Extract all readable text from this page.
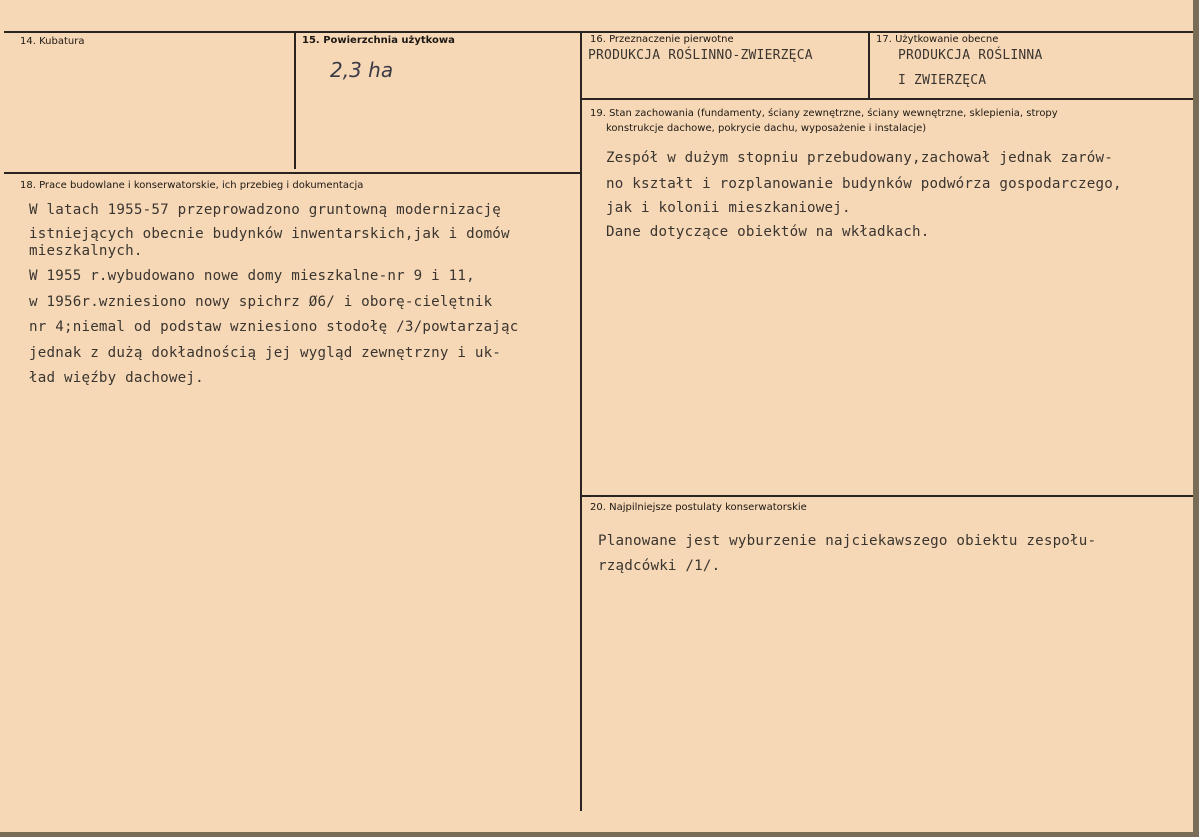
14. Kubatura	15. Powierzchnia użytkowa
2,3 ha
16. Przeznaczenie pierwotne
PRODUKCJA ROŚLINNO-ZWIERZĘCA
17. Użytkowanie obecne
PRODUKCJA ROŚLINNA
I ZWIERZĘCA
18. Prace budowlane i konserwatorskie, ich przebieg i dokumentacja
W latach 1955-57 przeprowadzono gruntowną modernizację
istniejących obecnie budynków inwentarskich,jak i domów
mieszkalnych.
W 1955 r.wybudowano nowe domy mieszkalne-nr 9 i 11,
w 1956r.wzniesiono nowy spichrz Ø6/ i oborę-cielętnik
nr 4;niemal od podstaw wzniesiono stodołę /3/powtarzając
jednak z dużą dokładnością jej wygląd zewnętrzny i uk-
ład więźby dachowej.
19. Stan zachowania (fundamenty, ściany zewnętrzne, ściany wewnętrzne, sklepienia, stropy
konstrukcje dachowe, pokrycie dachu, wyposażenie i instalacje)
Zespół w dużym stopniu przebudowany,zachował jednak zarów-
no kształt i rozplanowanie budynków podwórza gospodarczego,
jak i kolonii mieszkaniowej.
Dane dotyczące obiektów na wkładkach.
20. Najpilniejsze postulaty konserwatorskie
Planowane jest wyburzenie najciekawszego obiektu zespołu-
rządcówki /1/.
